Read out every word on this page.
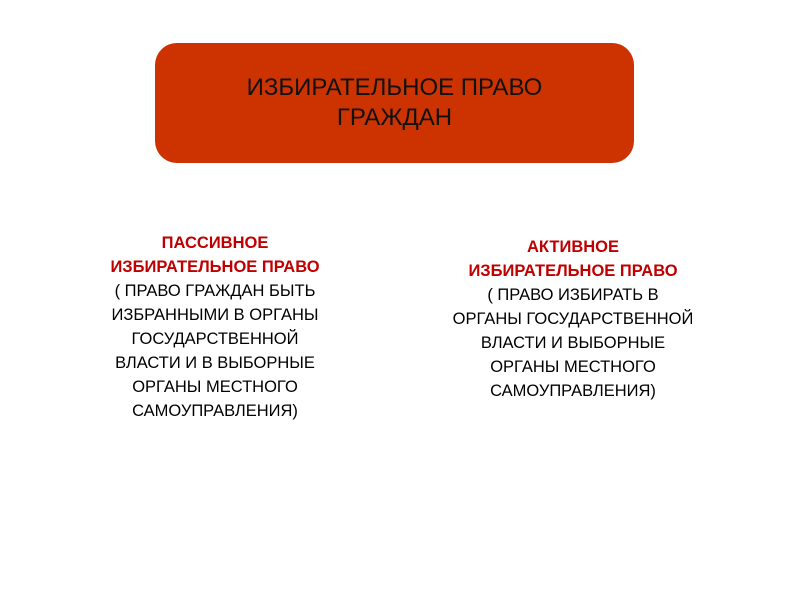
ИЗБИРАТЕЛЬНОЕ ПРАВО
ГРАЖДАН
ПАССИВНОЕ
ИЗБИРАТЕЛЬНОЕ ПРАВО
( ПРАВО ГРАЖДАН БЫТЬ
ИЗБРАННЫМИ В ОРГАНЫ
ГОСУДАРСТВЕННОЙ
ВЛАСТИ И В ВЫБОРНЫЕ
ОРГАНЫ МЕСТНОГО
САМОУПРАВЛЕНИЯ)
АКТИВНОЕ
ИЗБИРАТЕЛЬНОЕ ПРАВО
( ПРАВО ИЗБИРАТЬ В
ОРГАНЫ ГОСУДАРСТВЕННОЙ
ВЛАСТИ И ВЫБОРНЫЕ
ОРГАНЫ МЕСТНОГО
САМОУПРАВЛЕНИЯ)
